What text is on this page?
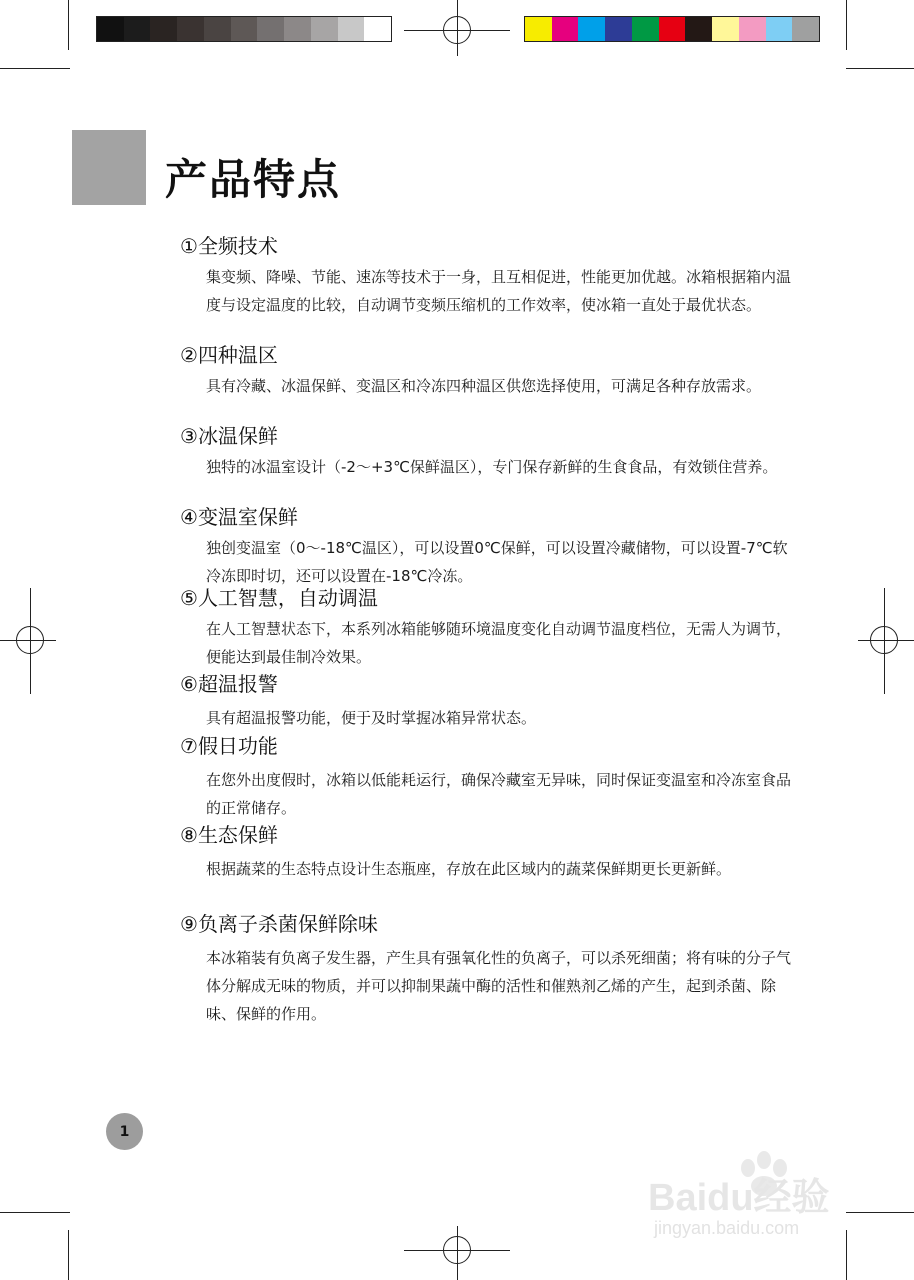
产品特点

①全频技术

集变频、降噪、节能、速冻等技术于一身，且互相促进，性能更加优越。冰箱根据箱内温度与设定温度的比较，自动调节变频压缩机的工作效率，使冰箱一直处于最优状态。

②四种温区

具有冷藏、冰温保鲜、变温区和冷冻四种温区供您选择使用，可满足各种存放需求。

③冰温保鲜

独特的冰温室设计（-2～+3℃保鲜温区），专门保存新鲜的生食食品，有效锁住营养。

④变温室保鲜

独创变温室（0～-18℃温区），可以设置0℃保鲜，可以设置冷藏储物，可以设置-7℃软冷冻即时切，还可以设置在-18℃冷冻。

⑤人工智慧，自动调温

在人工智慧状态下，本系列冰箱能够随环境温度变化自动调节温度档位，无需人为调节，便能达到最佳制冷效果。

⑥超温报警

具有超温报警功能，便于及时掌握冰箱异常状态。

⑦假日功能

在您外出度假时，冰箱以低能耗运行，确保冷藏室无异味，同时保证变温室和冷冻室食品的正常储存。

⑧生态保鲜

根据蔬菜的生态特点设计生态瓶座，存放在此区域内的蔬菜保鲜期更长更新鲜。

⑨负离子杀菌保鲜除味

本冰箱装有负离子发生器，产生具有强氧化性的负离子，可以杀死细菌；将有味的分子气体分解成无味的物质，并可以抑制果蔬中酶的活性和催熟剂乙烯的产生，起到杀菌、除味、保鲜的作用。

1
Baidu经验
jingyan.baidu.com
